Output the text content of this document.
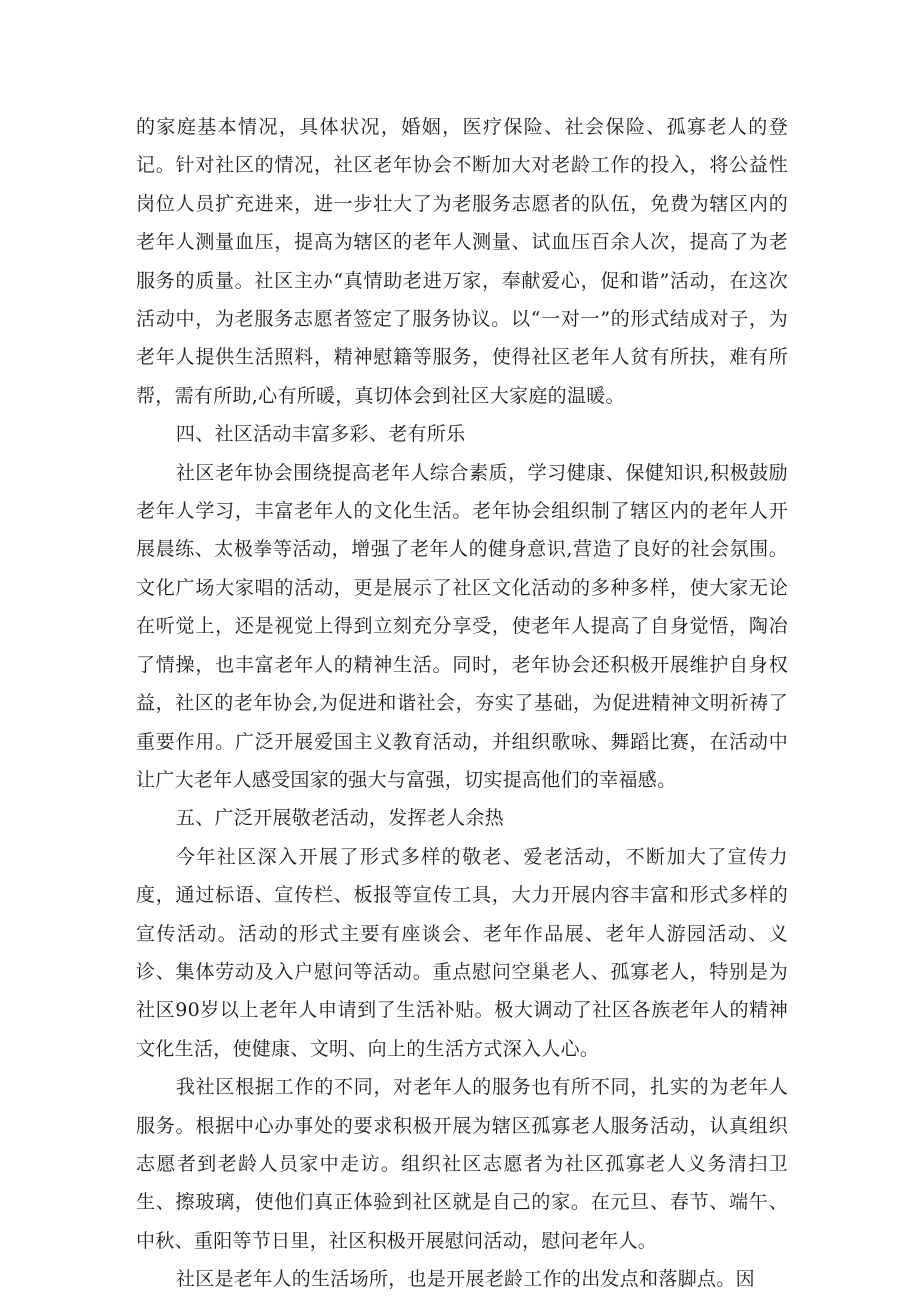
的家庭基本情况，具体状况，婚姻，医疗保险、社会保险、孤寡老人的登记。针对社区的情况，社区老年协会不断加大对老龄工作的投入，将公益性岗位人员扩充进来，进一步壮大了为老服务志愿者的队伍，免费为辖区内的老年人测量血压，提高为辖区的老年人测量、试血压百余人次，提高了为老服务的质量。社区主办“真情助老进万家，奉献爱心，促和谐”活动，在这次活动中，为老服务志愿者签定了服务协议。以“一对一”的形式结成对子，为老年人提供生活照料，精神慰籍等服务，使得社区老年人贫有所扶，难有所帮，需有所助,心有所暖，真切体会到社区大家庭的温暖。

四、社区活动丰富多彩、老有所乐

社区老年协会围绕提高老年人综合素质，学习健康、保健知识,积极鼓励老年人学习，丰富老年人的文化生活。老年协会组织制了辖区内的老年人开展晨练、太极拳等活动，增强了老年人的健身意识,营造了良好的社会氛围。文化广场大家唱的活动，更是展示了社区文化活动的多种多样，使大家无论在听觉上，还是视觉上得到立刻充分享受，使老年人提高了自身觉悟，陶冶了情操，也丰富老年人的精神生活。同时，老年协会还积极开展维护自身权益，社区的老年协会,为促进和谐社会，夯实了基础，为促进精神文明祈祷了重要作用。广泛开展爱国主义教育活动，并组织歌咏、舞蹈比赛，在活动中让广大老年人感受国家的强大与富强，切实提高他们的幸福感。

五、广泛开展敬老活动，发挥老人余热

今年社区深入开展了形式多样的敬老、爱老活动，不断加大了宣传力度，通过标语、宣传栏、板报等宣传工具，大力开展内容丰富和形式多样的宣传活动。活动的形式主要有座谈会、老年作品展、老年人游园活动、义诊、集体劳动及入户慰问等活动。重点慰问空巢老人、孤寡老人，特别是为社区90岁以上老年人申请到了生活补贴。极大调动了社区各族老年人的精神文化生活，使健康、文明、向上的生活方式深入人心。

我社区根据工作的不同，对老年人的服务也有所不同，扎实的为老年人服务。根据中心办事处的要求积极开展为辖区孤寡老人服务活动，认真组织志愿者到老龄人员家中走访。组织社区志愿者为社区孤寡老人义务清扫卫生、擦玻璃，使他们真正体验到社区就是自己的家。在元旦、春节、端午、中秋、重阳等节日里，社区积极开展慰问活动，慰问老年人。

社区是老年人的生活场所，也是开展老龄工作的出发点和落脚点。因
